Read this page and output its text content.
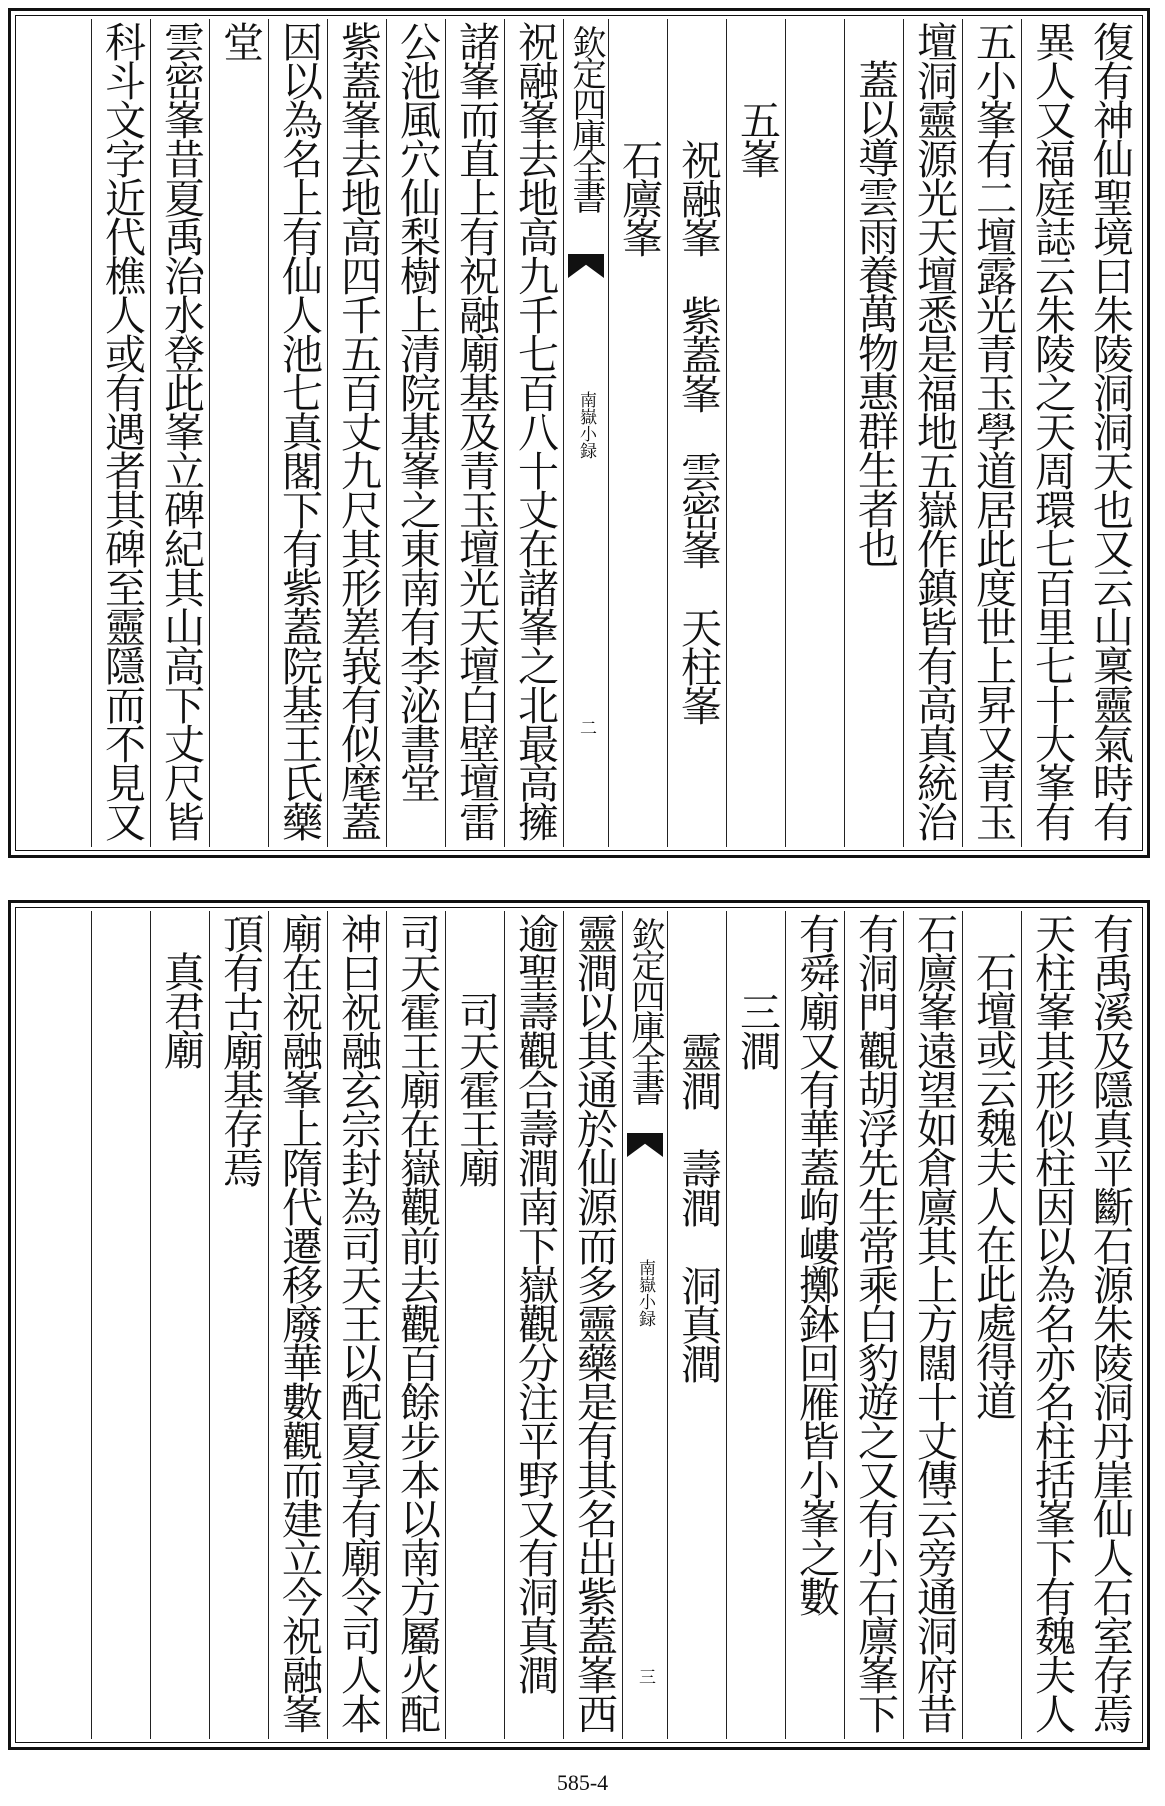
復有神仙聖境曰朱陵洞洞天也又云山稟靈氣時有
異人又福庭誌云朱陵之天周環七百里七十大峯有
五小峯有二壇露光青玉學道居此度世上昇又青玉
壇洞靈源光天壇悉是福地五嶽作鎮皆有高真統治
蓋以導雲雨養萬物惠群生者也
五峯
祝融峯　紫蓋峯　雲密峯　天柱峯
石廪峯
欽定四庫全書
南嶽小録
二
祝融峯去地高九千七百八十丈在諸峯之北最高擁
諸峯而直上有祝融廟基及青玉壇光天壇白壁壇雷
公池風穴仙梨樹上清院基峯之東南有李泌書堂
紫蓋峯去地高四千五百丈九尺其形嵳峩有似麾蓋
因以為名上有仙人池七真閣下有紫蓋院基王氏藥
堂
雲密峯昔夏禹治水登此峯立碑紀其山高下丈尺皆
科斗文字近代樵人或有遇者其碑至靈隱而不見又
有禹溪及隱真平斷石源朱陵洞丹崖仙人石室存焉
天柱峯其形似柱因以為名亦名柱括峯下有魏夫人
石壇或云魏夫人在此處得道
石廪峯遠望如倉廪其上方闊十丈傳云旁通洞府昔
有洞門觀胡浮先生常乘白豹遊之又有小石廪峯下
有舜廟又有華蓋岣嶁擲鉢回雁皆小峯之數
三澗
靈澗　壽澗　洞真澗
欽定四庫全書
南嶽小録
三
靈澗以其通於仙源而多靈藥是有其名出紫蓋峯西
逾聖壽觀合壽澗南下嶽觀分注平野又有洞真澗
司天霍王廟
司天霍王廟在嶽觀前去觀百餘步本以南方屬火配
神曰祝融玄宗封為司天王以配夏享有廟令司人本
廟在祝融峯上隋代遷移廢華數觀而建立今祝融峯
頂有古廟基存焉
真君廟
585-4
